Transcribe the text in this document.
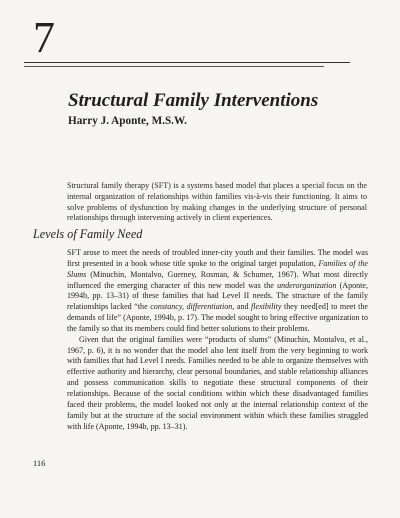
7
Structural Family Interventions
Harry J. Aponte, M.S.W.
Structural family therapy (SFT) is a systems based model that places a special focus on the internal organization of relationships within families vis-à-vis their functioning. It aims to solve problems of dysfunction by making changes in the underlying structure of personal relationships through intervening actively in client experiences.
Levels of Family Need

SFT arose to meet the needs of troubled inner-city youth and their families. The model was first presented in a book whose title spoke to the original target population, Families of the Slums (Minuchin, Montalvo, Guerney, Rosman, & Schumer, 1967). What most directly influenced the emerging character of this new model was the underorganization (Aponte, 1994b, pp. 13–31) of these families that had Level II needs. The structure of the family relationships lacked “the constancy, differentiation, and flexibility they need[ed] to meet the demands of life” (Aponte, 1994b, p. 17). The model sought to bring effective organization to the family so that its members could find better solutions to their problems.

Given that the original families were “products of slums” (Minuchin, Montalvo, et al., 1967, p. 6), it is no wonder that the model also lent itself from the very beginning to work with families that had Level I needs. Families needed to be able to organize themselves with effective authority and hierarchy, clear personal boundaries, and stable relationship alliances and possess communication skills to negotiate these structural components of their relationships. Because of the social conditions within which these disadvantaged families faced their problems, the model looked not only at the internal relationship context of the family but at the structure of the social environment within which these families struggled with life (Aponte, 1994b, pp. 13–31).

116
